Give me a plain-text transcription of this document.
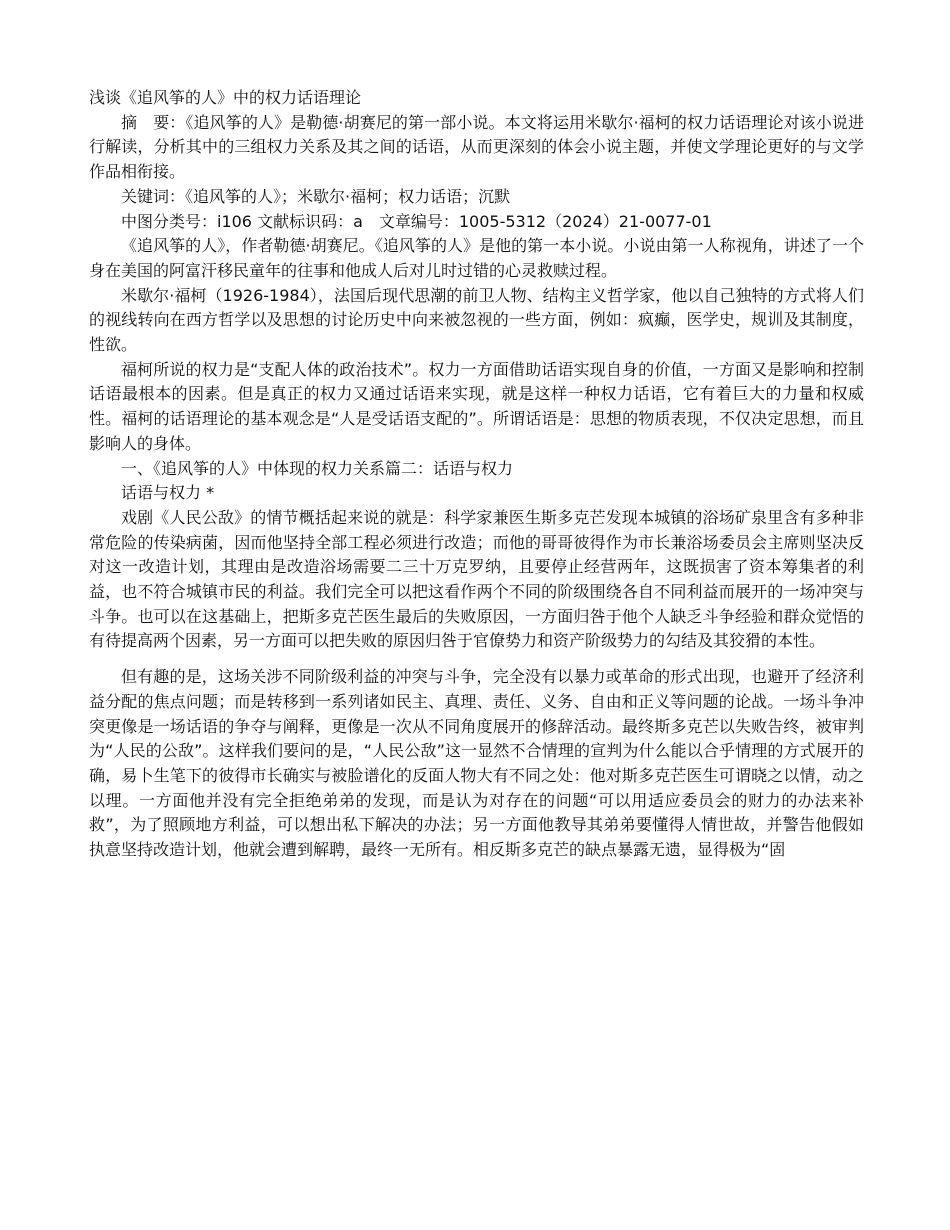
浅谈《追风筝的人》中的权力话语理论

摘　要：《追风筝的人》是勒德·胡赛尼的第一部小说。本文将运用米歇尔·福柯的权力话语理论对该小说进行解读，分析其中的三组权力关系及其之间的话语，从而更深刻的体会小说主题，并使文学理论更好的与文学作品相衔接。

关键词：《追风筝的人》；米歇尔·福柯；权力话语；沉默

中图分类号：i106 文献标识码：a　文章编号：1005-5312（2024）21-0077-01

《追风筝的人》，作者勒德·胡赛尼。《追风筝的人》是他的第一本小说。小说由第一人称视角，讲述了一个身在美国的阿富汗移民童年的往事和他成人后对儿时过错的心灵救赎过程。

米歇尔·福柯（1926-1984），法国后现代思潮的前卫人物、结构主义哲学家，他以自己独特的方式将人们的视线转向在西方哲学以及思想的讨论历史中向来被忽视的一些方面，例如：疯癫，医学史，规训及其制度，性欲。

福柯所说的权力是“支配人体的政治技术”。权力一方面借助话语实现自身的价值，一方面又是影响和控制话语最根本的因素。但是真正的权力又通过话语来实现，就是这样一种权力话语，它有着巨大的力量和权威性。福柯的话语理论的基本观念是“人是受话语支配的”。所谓话语是：思想的物质表现，不仅决定思想，而且影响人的身体。

一、《追风筝的人》中体现的权力关系篇二：话语与权力

话语与权力 *

戏剧《人民公敌》的情节概括起来说的就是：科学家兼医生斯多克芒发现本城镇的浴场矿泉里含有多种非常危险的传染病菌，因而他坚持全部工程必须进行改造；而他的哥哥彼得作为市长兼浴场委员会主席则坚决反对这一改造计划，其理由是改造浴场需要二三十万克罗纳，且要停止经营两年，这既损害了资本筹集者的利益，也不符合城镇市民的利益。我们完全可以把这看作两个不同的阶级围绕各自不同利益而展开的一场冲突与斗争。也可以在这基础上，把斯多克芒医生最后的失败原因，一方面归咎于他个人缺乏斗争经验和群众觉悟的有待提高两个因素，另一方面可以把失败的原因归咎于官僚势力和资产阶级势力的勾结及其狡猾的本性。

但有趣的是，这场关涉不同阶级利益的冲突与斗争，完全没有以暴力或革命的形式出现，也避开了经济利益分配的焦点问题；而是转移到一系列诸如民主、真理、责任、义务、自由和正义等问题的论战。一场斗争冲突更像是一场话语的争夺与阐释，更像是一次从不同角度展开的修辞活动。最终斯多克芒以失败告终，被审判为“人民的公敌”。这样我们要问的是，“人民公敌”这一显然不合情理的宣判为什么能以合乎情理的方式展开的确，易卜生笔下的彼得市长确实与被脸谱化的反面人物大有不同之处：他对斯多克芒医生可谓晓之以情，动之以理。一方面他并没有完全拒绝弟弟的发现，而是认为对存在的问题“可以用适应委员会的财力的办法来补救”，为了照顾地方利益，可以想出私下解决的办法；另一方面他教导其弟弟要懂得人情世故，并警告他假如执意坚持改造计划，他就会遭到解聘，最终一无所有。相反斯多克芒的缺点暴露无遗，显得极为“固
